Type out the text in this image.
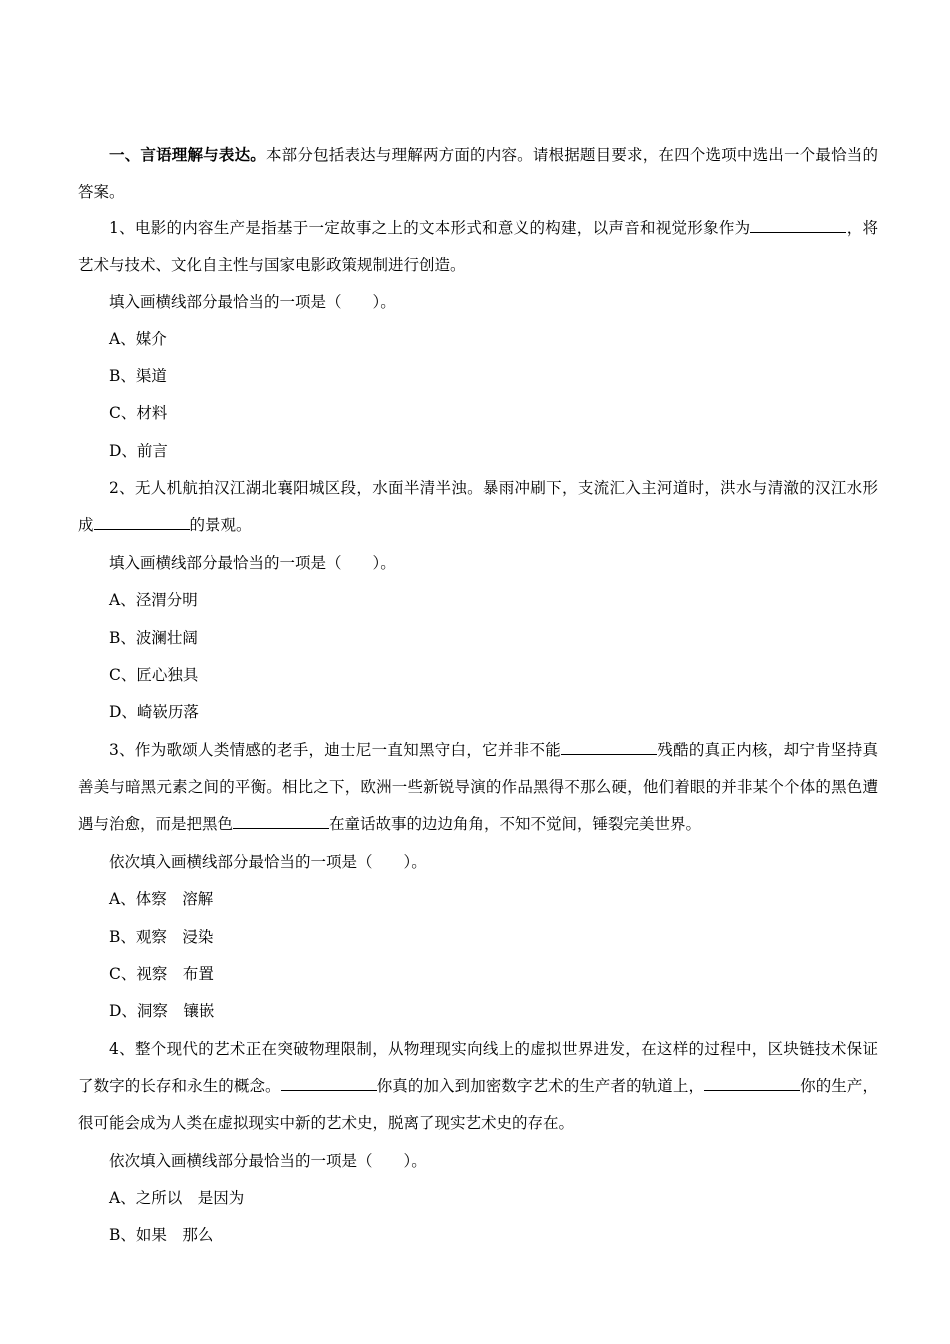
一、言语理解与表达。本部分包括表达与理解两方面的内容。请根据题目要求，在四个选项中选出一个最恰当的答案。

1、电影的内容生产是指基于一定故事之上的文本形式和意义的构建，以声音和视觉形象作为	，将艺术与技术、文化自主性与国家电影政策规制进行创造。

填入画横线部分最恰当的一项是（　　）。

A、媒介

B、渠道

C、材料

D、前言

2、无人机航拍汉江湖北襄阳城区段，水面半清半浊。暴雨冲刷下，支流汇入主河道时，洪水与清澈的汉江水形成	的景观。

填入画横线部分最恰当的一项是（　　）。

A、泾渭分明

B、波澜壮阔

C、匠心独具

D、崎嵚历落

3、作为歌颂人类情感的老手，迪士尼一直知黑守白，它并非不能	残酷的真正内核，却宁肯坚持真善美与暗黑元素之间的平衡。相比之下，欧洲一些新锐导演的作品黑得不那么硬，他们着眼的并非某个个体的黑色遭遇与治愈，而是把黑色	在童话故事的边边角角，不知不觉间，锤裂完美世界。

依次填入画横线部分最恰当的一项是（　　）。

A、体察　溶解

B、观察　浸染

C、视察　布置

D、洞察　镶嵌

4、整个现代的艺术正在突破物理限制，从物理现实向线上的虚拟世界进发，在这样的过程中，区块链技术保证了数字的长存和永生的概念。	你真的加入到加密数字艺术的生产者的轨道上，	你的生产，很可能会成为人类在虚拟现实中新的艺术史，脱离了现实艺术史的存在。

依次填入画横线部分最恰当的一项是（　　）。

A、之所以　是因为

B、如果　那么
